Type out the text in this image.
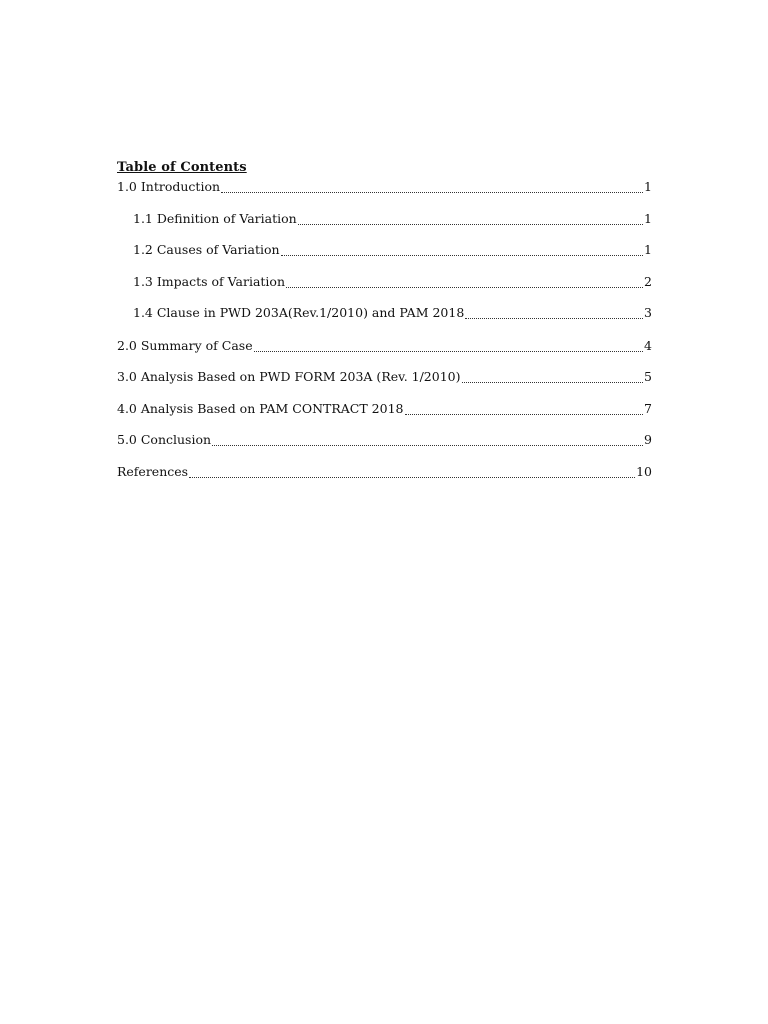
Table of Contents
1.0 Introduction	1
1.1 Definition of Variation	1
1.2 Causes of Variation	1
1.3 Impacts of Variation	2
1.4 Clause in PWD 203A(Rev.1/2010) and PAM 2018	3
2.0 Summary of Case	4
3.0 Analysis Based on PWD FORM 203A (Rev. 1/2010)	5
4.0 Analysis Based on PAM CONTRACT 2018	7
5.0 Conclusion	9
References	10
